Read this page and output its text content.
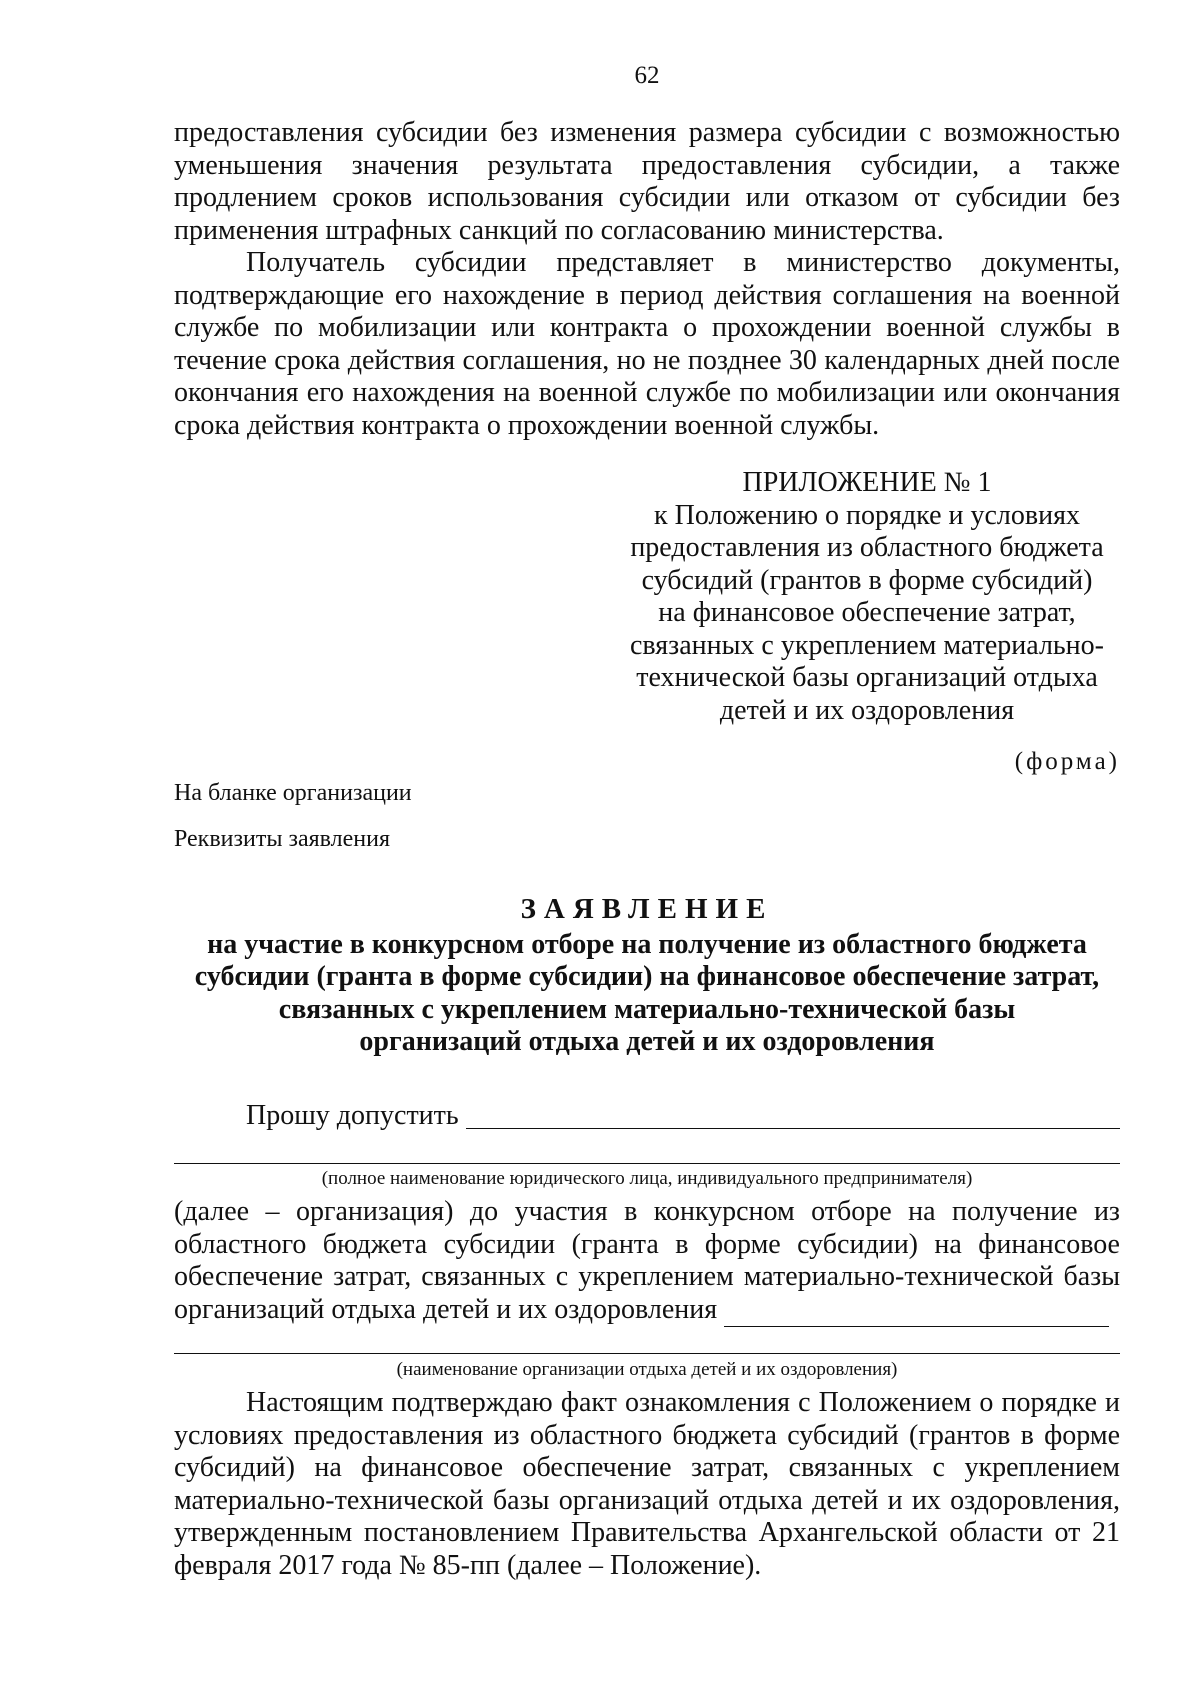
62

предоставления субсидии без изменения размера субсидии с возможностью уменьшения значения результата предоставления субсидии, а также продлением сроков использования субсидии или отказом от субсидии без применения штрафных санкций по согласованию министерства.

Получатель субсидии представляет в министерство документы, подтверждающие его нахождение в период действия соглашения на военной службе по мобилизации или контракта о прохождении военной службы в течение срока действия соглашения, но не позднее 30 календарных дней после окончания его нахождения на военной службе по мобилизации или окончания срока действия контракта о прохождении военной службы.

ПРИЛОЖЕНИЕ № 1
к Положению о порядке и условиях
предоставления из областного бюджета
субсидий (грантов в форме субсидий)
на финансовое обеспечение затрат,
связанных с укреплением материально-
технической базы организаций отдыха
детей и их оздоровления
(форма)
На бланке организации
Реквизиты заявления
ЗАЯВЛЕНИЕ
на участие в конкурсном отборе на получение из областного бюджета
субсидии (гранта в форме субсидии) на финансовое обеспечение затрат,
связанных с укреплением материально-технической базы
организаций отдыха детей и их оздоровления
Прошу допустить
(полное наименование юридического лица, индивидуального предпринимателя)

(далее – организация) до участия в конкурсном отборе на получение из областного бюджета субсидии (гранта в форме субсидии) на финансовое обеспечение затрат, связанных с укреплением материально-технической базы организаций отдыха детей и их оздоровления

(наименование организации отдыха детей и их оздоровления)

Настоящим подтверждаю факт ознакомления с Положением о порядке и условиях предоставления из областного бюджета субсидий (грантов в форме субсидий) на финансовое обеспечение затрат, связанных с укреплением материально-технической базы организаций отдыха детей и их оздоровления, утвержденным постановлением Правительства Архангельской области от 21 февраля 2017 года № 85-пп (далее – Положение).
